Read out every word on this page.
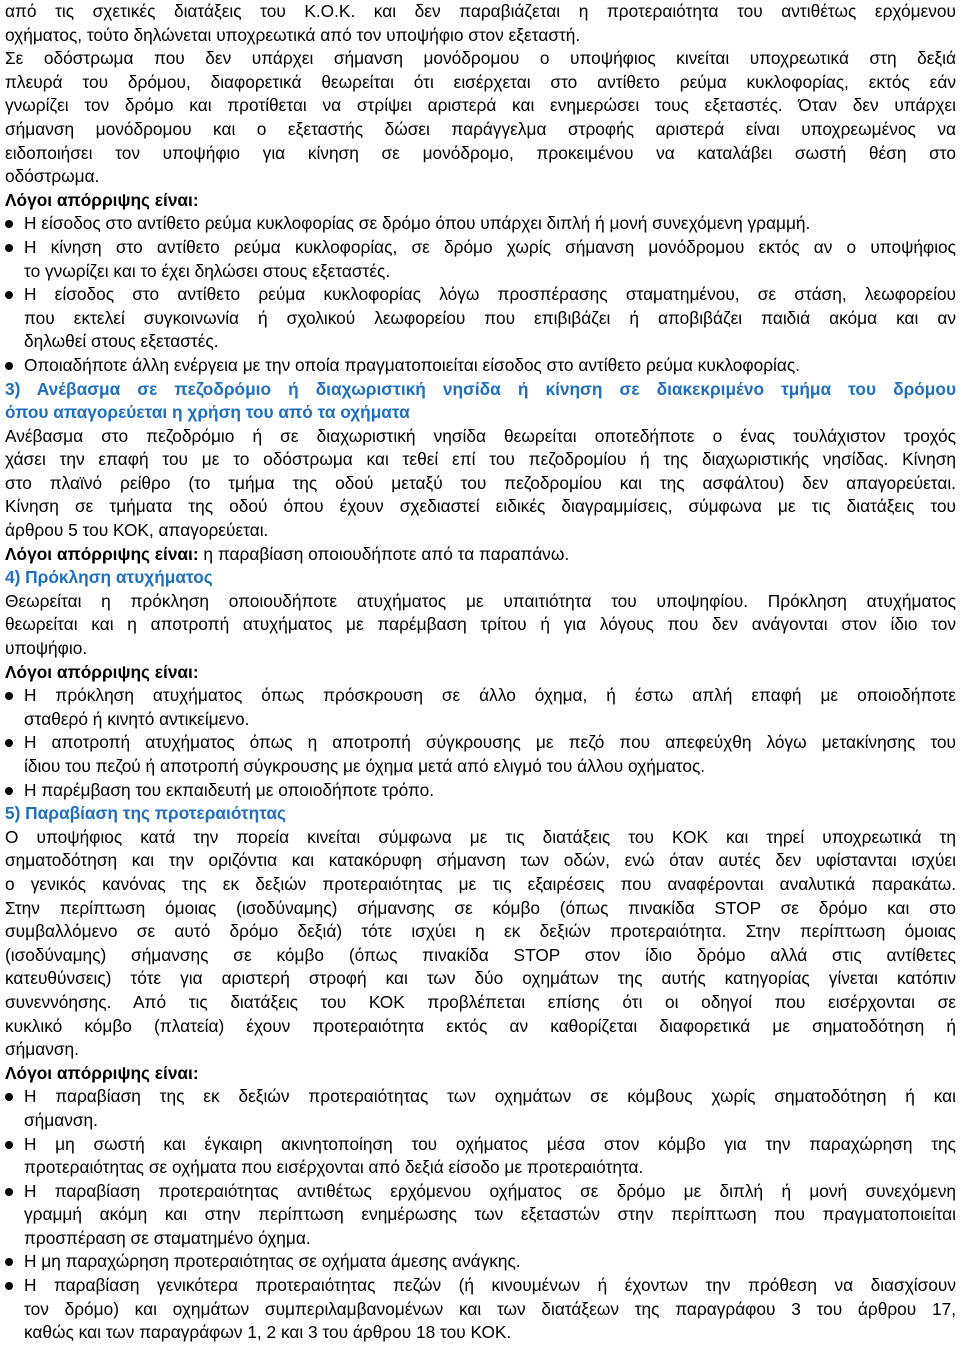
από τις σχετικές διατάξεις του Κ.Ο.Κ. και δεν παραβιάζεται η προτεραιότητα του αντιθέτως ερχόμενου
οχήματος, τούτο δηλώνεται υποχρεωτικά από τον υποψήφιο στον εξεταστή.
Σε οδόστρωμα που δεν υπάρχει σήμανση μονόδρομου ο υποψήφιος κινείται υποχρεωτικά στη δεξιά
πλευρά του δρόμου, διαφορετικά θεωρείται ότι εισέρχεται στο αντίθετο ρεύμα κυκλοφορίας, εκτός εάν
γνωρίζει τον δρόμο και προτίθεται να στρίψει αριστερά και ενημερώσει τους εξεταστές. Όταν δεν υπάρχει
σήμανση μονόδρομου και ο εξεταστής δώσει παράγγελμα στροφής αριστερά είναι υποχρεωμένος να
ειδοποιήσει τον υποψήφιο για κίνηση σε μονόδρομο, προκειμένου να καταλάβει σωστή θέση στο
οδόστρωμα.
Λόγοι απόρριψης είναι:
Η είσοδος στο αντίθετο ρεύμα κυκλοφορίας σε δρόμο όπου υπάρχει διπλή ή μονή συνεχόμενη γραμμή.
Η κίνηση στο αντίθετο ρεύμα κυκλοφορίας, σε δρόμο χωρίς σήμανση μονόδρομου εκτός αν ο υποψήφιος
το γνωρίζει και το έχει δηλώσει στους εξεταστές.
Η είσοδος στο αντίθετο ρεύμα κυκλοφορίας λόγω προσπέρασης σταματημένου, σε στάση, λεωφορείου
που εκτελεί συγκοινωνία ή σχολικού λεωφορείου που επιβιβάζει ή αποβιβάζει παιδιά ακόμα και αν
δηλωθεί στους εξεταστές.
Οποιαδήποτε άλλη ενέργεια με την οποία πραγματοποιείται είσοδος στο αντίθετο ρεύμα κυκλοφορίας.
3) Ανέβασμα σε πεζοδρόμιο ή διαχωριστική νησίδα ή κίνηση σε διακεκριμένο τμήμα του δρόμου
όπου απαγορεύεται η χρήση του από τα οχήματα
Ανέβασμα στο πεζοδρόμιο ή σε διαχωριστική νησίδα θεωρείται οποτεδήποτε ο ένας τουλάχιστον τροχός
χάσει την επαφή του με το οδόστρωμα και τεθεί επί του πεζοδρομίου ή της διαχωριστικής νησίδας. Κίνηση
στο πλαϊνό ρείθρο (το τμήμα της οδού μεταξύ του πεζοδρομίου και της ασφάλτου) δεν απαγορεύεται.
Κίνηση σε τμήματα της οδού όπου έχουν σχεδιαστεί ειδικές διαγραμμίσεις, σύμφωνα με τις διατάξεις του
άρθρου 5 του ΚΟΚ, απαγορεύεται.
Λόγοι απόρριψης είναι: η παραβίαση οποιουδήποτε από τα παραπάνω.
4) Πρόκληση ατυχήματος
Θεωρείται η πρόκληση οποιουδήποτε ατυχήματος με υπαιτιότητα του υποψηφίου. Πρόκληση ατυχήματος
θεωρείται και η αποτροπή ατυχήματος με παρέμβαση τρίτου ή για λόγους που δεν ανάγονται στον ίδιο τον
υποψήφιο.
Λόγοι απόρριψης είναι:
Η πρόκληση ατυχήματος όπως πρόσκρουση σε άλλο όχημα, ή έστω απλή επαφή με οποιοδήποτε
σταθερό ή κινητό αντικείμενο.
Η αποτροπή ατυχήματος όπως η αποτροπή σύγκρουσης με πεζό που απεφεύχθη λόγω μετακίνησης του
ίδιου του πεζού ή αποτροπή σύγκρουσης με όχημα μετά από ελιγμό του άλλου οχήματος.
Η παρέμβαση του εκπαιδευτή με οποιοδήποτε τρόπο.
5) Παραβίαση της προτεραιότητας
Ο υποψήφιος κατά την πορεία κινείται σύμφωνα με τις διατάξεις του ΚΟΚ και τηρεί υποχρεωτικά τη
σηματοδότηση και την οριζόντια και κατακόρυφη σήμανση των οδών, ενώ όταν αυτές δεν υφίστανται ισχύει
ο γενικός κανόνας της εκ δεξιών προτεραιότητας με τις εξαιρέσεις που αναφέρονται αναλυτικά παρακάτω.
Στην περίπτωση όμοιας (ισοδύναμης) σήμανσης σε κόμβο (όπως πινακίδα STOP σε δρόμο και στο
συμβαλλόμενο σε αυτό δρόμο δεξιά) τότε ισχύει η εκ δεξιών προτεραιότητα. Στην περίπτωση όμοιας
(ισοδύναμης) σήμανσης σε κόμβο (όπως πινακίδα STOP στον ίδιο δρόμο αλλά στις αντίθετες
κατευθύνσεις) τότε για αριστερή στροφή και των δύο οχημάτων της αυτής κατηγορίας γίνεται κατόπιν
συνεννόησης. Από τις διατάξεις του ΚΟΚ προβλέπεται επίσης ότι οι οδηγοί που εισέρχονται σε
κυκλικό κόμβο (πλατεία) έχουν προτεραιότητα εκτός αν καθορίζεται διαφορετικά με σηματοδότηση ή
σήμανση.
Λόγοι απόρριψης είναι:
Η παραβίαση της εκ δεξιών προτεραιότητας των οχημάτων σε κόμβους χωρίς σηματοδότηση ή και
σήμανση.
Η μη σωστή και έγκαιρη ακινητοποίηση του οχήματος μέσα στον κόμβο για την παραχώρηση της
προτεραιότητας σε οχήματα που εισέρχονται από δεξιά είσοδο με προτεραιότητα.
Η παραβίαση προτεραιότητας αντιθέτως ερχόμενου οχήματος σε δρόμο με διπλή ή μονή συνεχόμενη
γραμμή ακόμη και στην περίπτωση ενημέρωσης των εξεταστών στην περίπτωση που πραγματοποιείται
προσπέραση σε σταματημένο όχημα.
Η μη παραχώρηση προτεραιότητας σε οχήματα άμεσης ανάγκης.
Η παραβίαση γενικότερα προτεραιότητας πεζών (ή κινουμένων ή έχοντων την πρόθεση να διασχίσουν
τον δρόμο) και οχημάτων συμπεριλαμβανομένων και των διατάξεων της παραγράφου 3 του άρθρου 17,
καθώς και των παραγράφων 1, 2 και 3 του άρθρου 18 του ΚΟΚ.
